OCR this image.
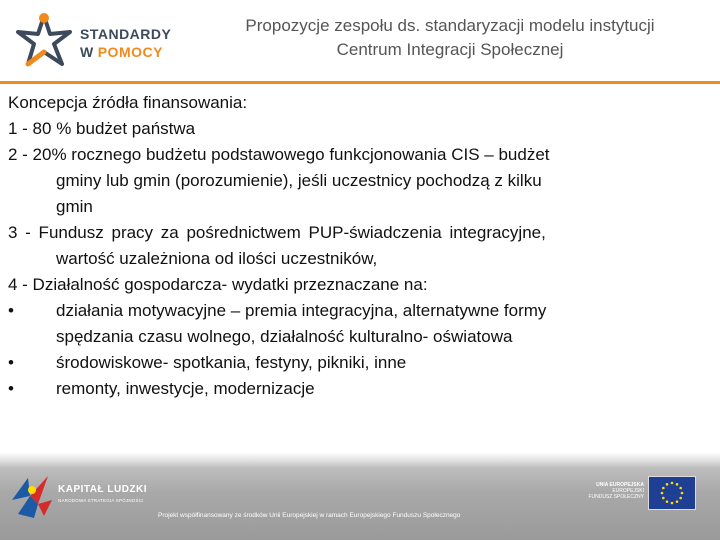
STANDARDY
W POMOCY
Propozycje zespołu ds. standaryzacji modelu instytucji
Centrum Integracji Społecznej
Koncepcja źródła finansowania:
1 - 80 % budżet państwa
2 - 20% rocznego budżetu podstawowego funkcjonowania CIS – budżet
gminy lub gmin (porozumienie), jeśli uczestnicy pochodzą z kilku
gmin
3 - Fundusz pracy za pośrednictwem PUP-świadczenia integracyjne,
wartość uzależniona od ilości uczestników,
4 - Działalność gospodarcza- wydatki przeznaczane na:
•	działania motywacyjne – premia integracyjna, alternatywne formy
spędzania czasu wolnego, działalność kulturalno- oświatowa
•	środowiskowe- spotkania, festyny, pikniki, inne
•	remonty, inwestycje, modernizacje
KAPITAŁ LUDZKI
NARODOWA STRATEGIA SPÓJNOŚCI
UNIA EUROPEJSKA
EUROPEJSKI
FUNDUSZ SPOŁECZNY
Projekt współfinansowany ze środków Unii Europejskiej w ramach Europejskiego Funduszu Społecznego
